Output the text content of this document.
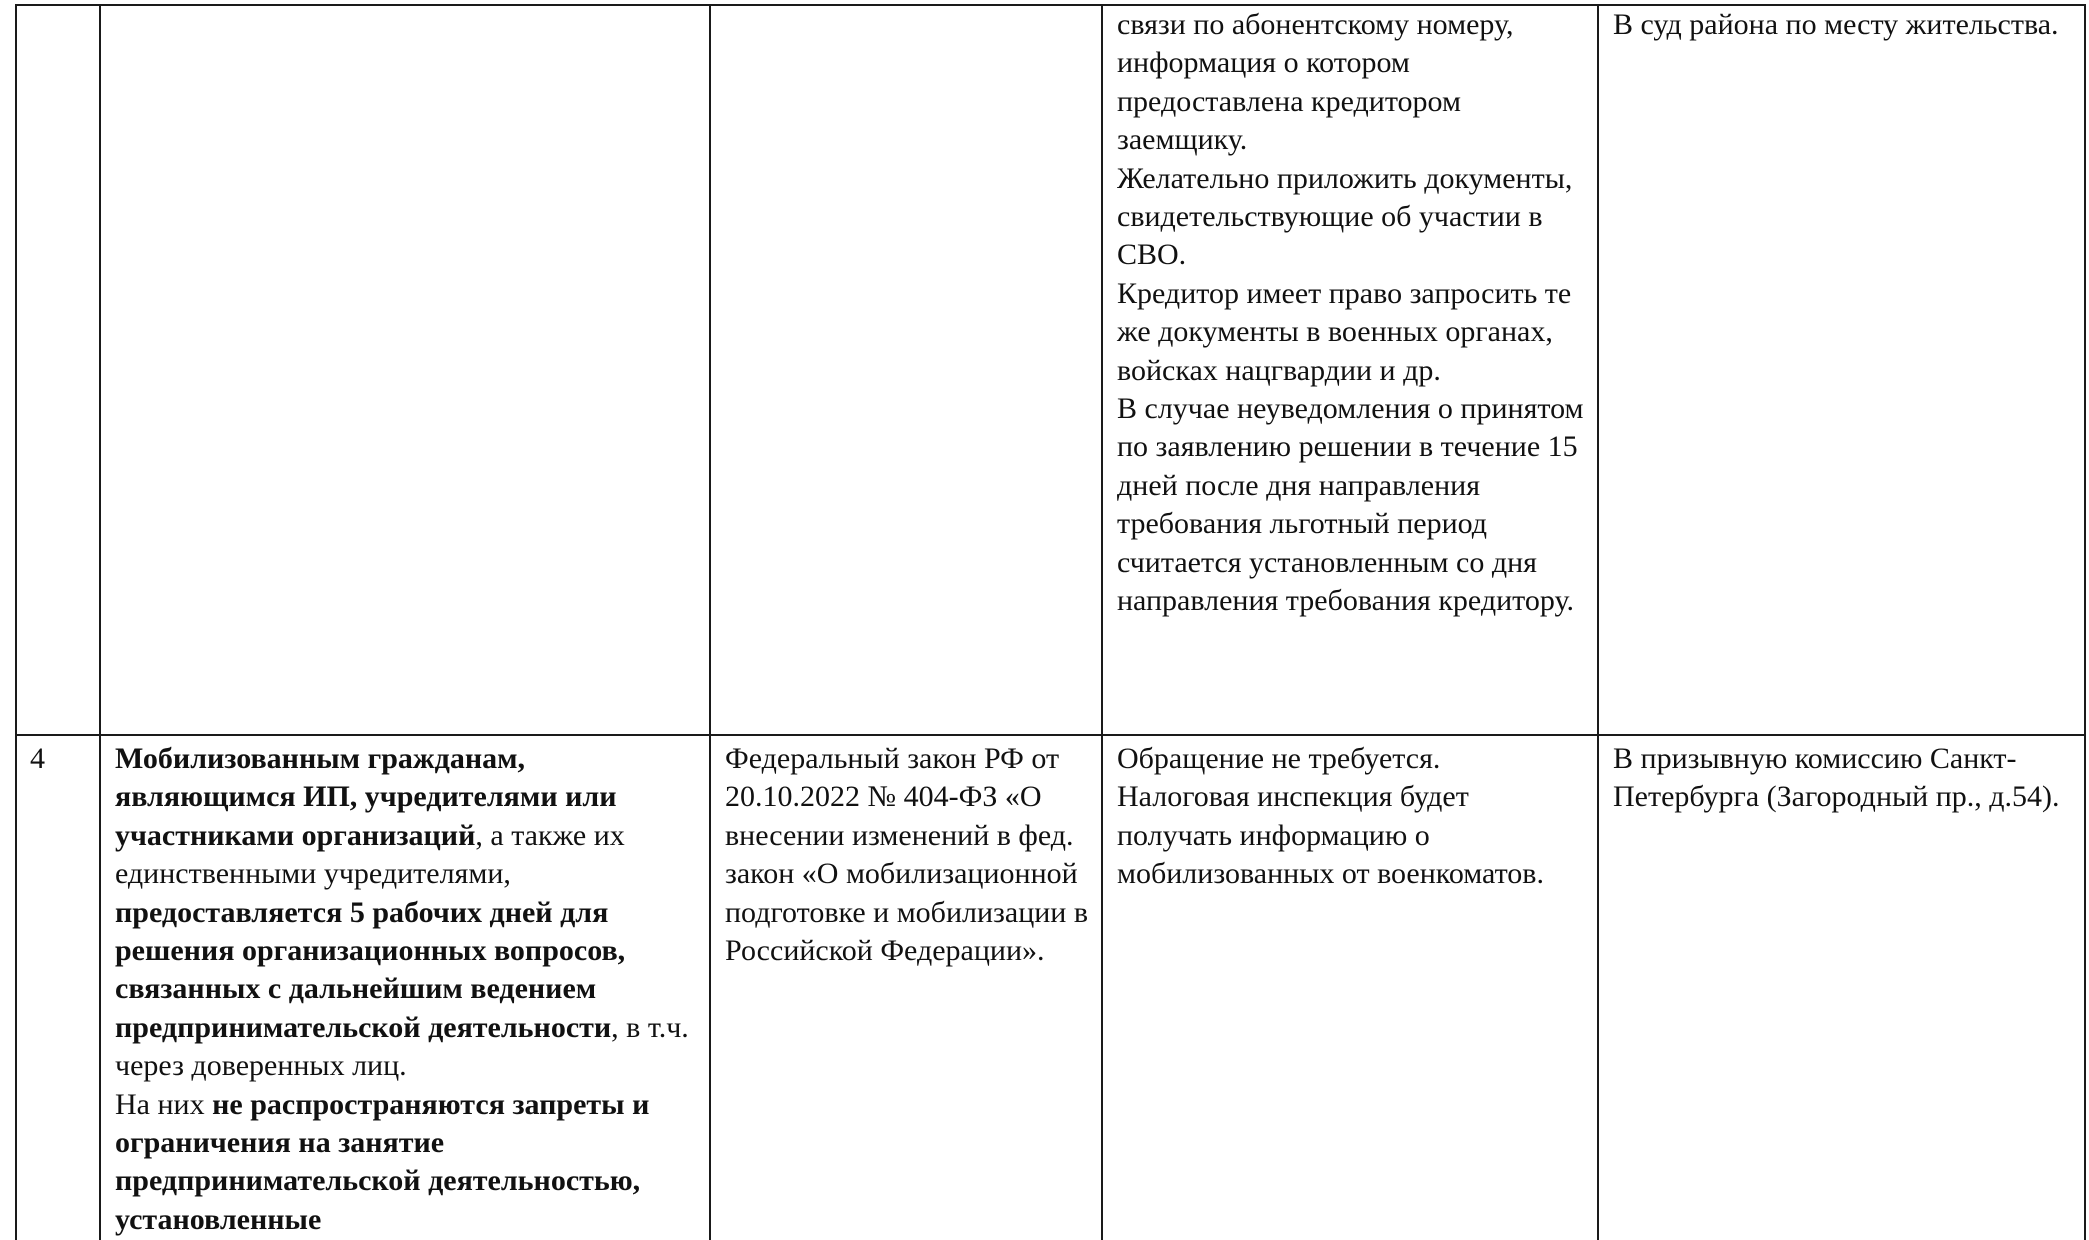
			связи по абонентскому номеру, информация о котором предоставлена кредитором заемщику.
Желательно приложить документы, свидетельствующие об участии в СВО.
Кредитор имеет право запросить те же документы в военных органах, войсках нацгвардии и др.
В случае неуведомления о принятом по заявлению решении в течение 15 дней после дня направления требования льготный период считается установленным со дня направления требования кредитору.	В суд района по месту жительства.
4	Мобилизованным гражданам, являющимся ИП, учредителями или участниками организаций, а также их единственными учредителями, предоставляется 5 рабочих дней для решения организационных вопросов, связанных с дальнейшим ведением предпринимательской деятельности, в т.ч. через доверенных лиц.
На них не распространяются запреты и ограничения на занятие предпринимательской деятельностью, установленные	Федеральный закон РФ от 20.10.2022 № 404-ФЗ «О внесении изменений в фед. закон «О мобилизационной подготовке и мобилизации в Российской Федерации».	Обращение не требуется.
Налоговая инспекция будет получать информацию о мобилизованных от военкоматов.	В призывную комиссию Санкт-Петербурга (Загородный пр., д.54).
